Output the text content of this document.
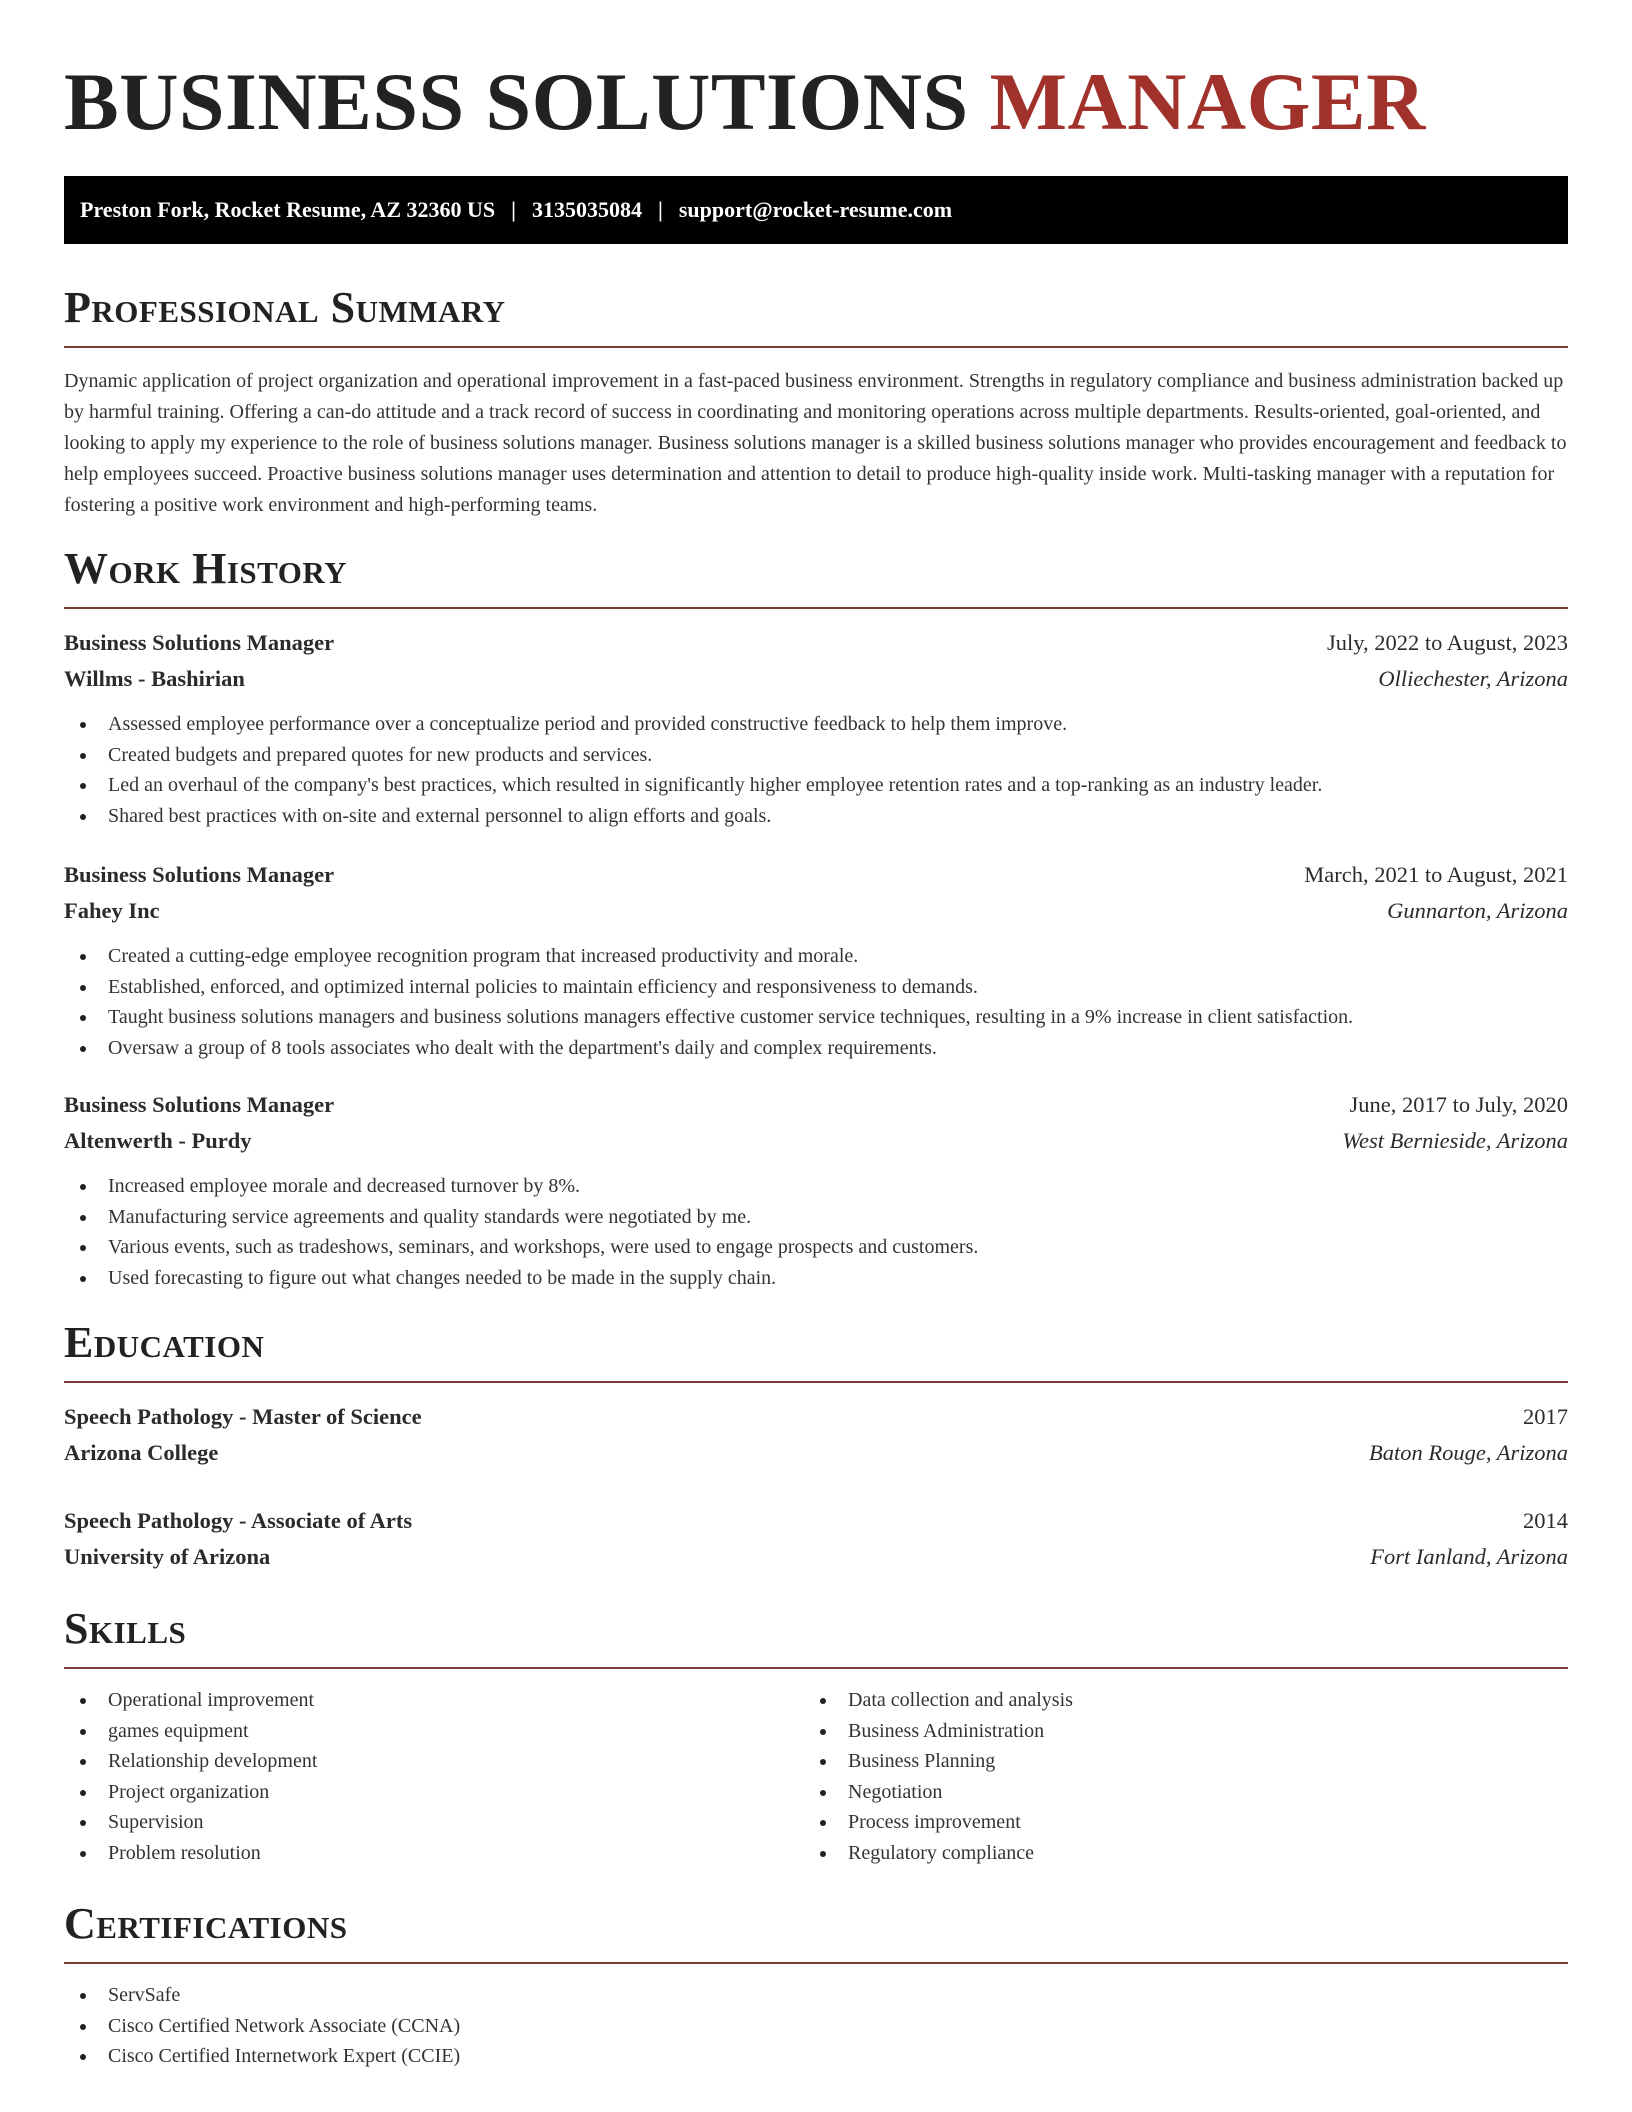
BUSINESS SOLUTIONS MANAGER
Preston Fork, Rocket Resume, AZ 32360 US | 3135035084 | support@rocket-resume.com
Professional Summary

Dynamic application of project organization and operational improvement in a fast-paced business environment. Strengths in regulatory compliance and business administration backed up by harmful training. Offering a can-do attitude and a track record of success in coordinating and monitoring operations across multiple departments. Results-oriented, goal-oriented, and looking to apply my experience to the role of business solutions manager. Business solutions manager is a skilled business solutions manager who provides encouragement and feedback to help employees succeed. Proactive business solutions manager uses determination and attention to detail to produce high-quality inside work. Multi-tasking manager with a reputation for fostering a positive work environment and high-performing teams.

Work History
Business Solutions Manager	July, 2022 to August, 2023
Willms - Bashirian	Olliechester, Arizona
Assessed employee performance over a conceptualize period and provided constructive feedback to help them improve.
Created budgets and prepared quotes for new products and services.
Led an overhaul of the company's best practices, which resulted in significantly higher employee retention rates and a top-ranking as an industry leader.
Shared best practices with on-site and external personnel to align efforts and goals.
Business Solutions Manager	March, 2021 to August, 2021
Fahey Inc	Gunnarton, Arizona
Created a cutting-edge employee recognition program that increased productivity and morale.
Established, enforced, and optimized internal policies to maintain efficiency and responsiveness to demands.
Taught business solutions managers and business solutions managers effective customer service techniques, resulting in a 9% increase in client satisfaction.
Oversaw a group of 8 tools associates who dealt with the department's daily and complex requirements.
Business Solutions Manager	June, 2017 to July, 2020
Altenwerth - Purdy	West Bernieside, Arizona
Increased employee morale and decreased turnover by 8%.
Manufacturing service agreements and quality standards were negotiated by me.
Various events, such as tradeshows, seminars, and workshops, were used to engage prospects and customers.
Used forecasting to figure out what changes needed to be made in the supply chain.
Education
Speech Pathology - Master of Science	2017
Arizona College	Baton Rouge, Arizona
Speech Pathology - Associate of Arts	2014
University of Arizona	Fort Ianland, Arizona
Skills
Operational improvement
games equipment
Relationship development
Project organization
Supervision
Problem resolution
Data collection and analysis
Business Administration
Business Planning
Negotiation
Process improvement
Regulatory compliance
Certifications
ServSafe
Cisco Certified Network Associate (CCNA)
Cisco Certified Internetwork Expert (CCIE)
